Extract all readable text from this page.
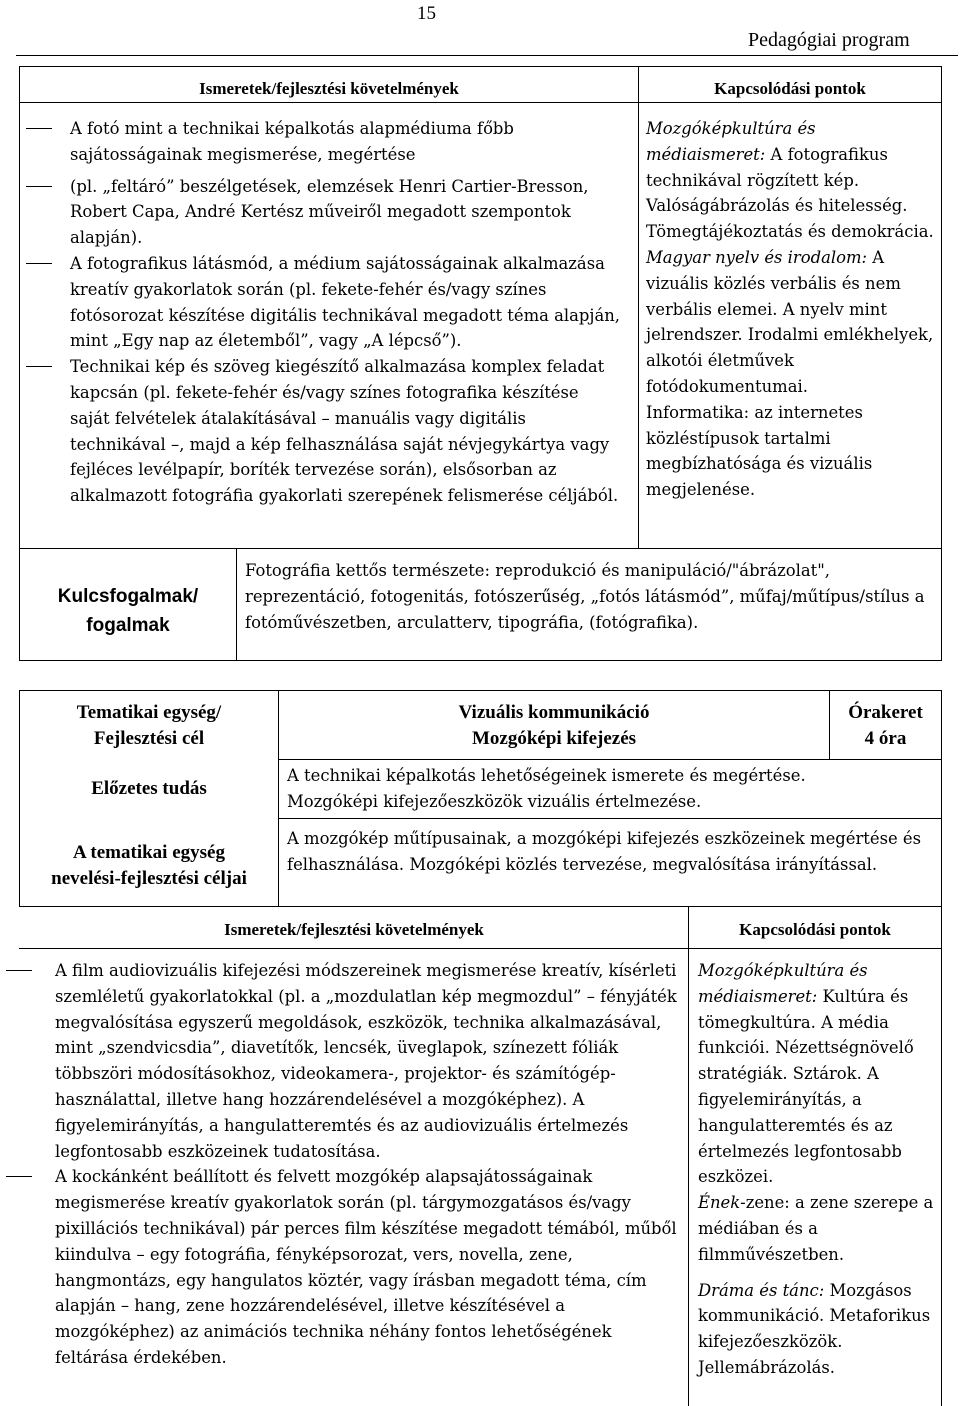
15
Pedagógiai program
Ismeretek/fejlesztési követelmények	Kapcsolódási pontok
A fotó mint a technikai képalkotás alapmédiuma főbb sajátosságainak megismerése, megértése
(pl. „feltáró” beszélgetések, elemzések Henri Cartier-Bresson, Robert Capa, André Kertész műveiről megadott szempontok alapján).
A fotografikus látásmód, a médium sajátosságainak alkalmazása kreatív gyakorlatok során (pl. fekete-fehér és/vagy színes fotósorozat készítése digitális technikával megadott téma alapján, mint „Egy nap az életemből”, vagy „A lépcső”).
Technikai kép és szöveg kiegészítő alkalmazása komplex feladat kapcsán (pl. fekete-fehér és/vagy színes fotografika készítése saját felvételek átalakításával – manuális vagy digitális technikával –, majd a kép felhasználása saját névjegykártya vagy fejléces levélpapír, boríték tervezése során), elsősorban az alkalmazott fotográfia gyakorlati szerepének felismerése céljából.
Mozgóképkultúra és médiaismeret: A fotografikus technikával rögzített kép. Valóságábrázolás és hitelesség. Tömegtájékoztatás és demokrácia.
Magyar nyelv és irodalom: A vizuális közlés verbális és nem verbális elemei. A nyelv mint jelrendszer. Irodalmi emlékhelyek, alkotói életművek fotódokumentumai.
Informatika: az internetes közléstípusok tartalmi megbízhatósága és vizuális megjelenése.
Kulcsfogalmak/
fogalmak
Fotográfia kettős természete: reprodukció és manipuláció/"ábrázolat", reprezentáció, fotogenitás, fotószerűség, „fotós látásmód”, műfaj/műtípus/stílus a fotóművészetben, arculatterv, tipográfia, (fotógrafika).
Tematikai egység/
Fejlesztési cél
Vizuális kommunikáció
Mozgóképi kifejezés
Órakeret
4 óra
Előzetes tudás
A technikai képalkotás lehetőségeinek ismerete és megértése. Mozgóképi kifejezőeszközök vizuális értelmezése.
A tematikai egység
nevelési-fejlesztési céljai
A mozgókép műtípusainak, a mozgóképi kifejezés eszközeinek megértése és felhasználása. Mozgóképi közlés tervezése, megvalósítása irányítással.
Ismeretek/fejlesztési követelmények	Kapcsolódási pontok
A film audiovizuális kifejezési módszereinek megismerése kreatív, kísérleti szemléletű gyakorlatokkal (pl. a „mozdulatlan kép megmozdul” – fényjáték megvalósítása egyszerű megoldások, eszközök, technika alkalmazásával, mint „szendvicsdia”, diavetítők, lencsék, üveglapok, színezett fóliák többszöri módosításokhoz, videokamera-, projektor- és számítógép-használattal, illetve hang hozzárendelésével a mozgóképhez). A figyelemirányítás, a hangulatteremtés és az audiovizuális értelmezés legfontosabb eszközeinek tudatosítása.
A kockánként beállított és felvett mozgókép alapsajátosságainak megismerése kreatív gyakorlatok során (pl. tárgymozgatásos és/vagy pixillációs technikával) pár perces film készítése megadott témából, műből kiindulva – egy fotográfia, fényképsorozat, vers, novella, zene, hangmontázs, egy hangulatos köztér, vagy írásban megadott téma, cím alapján – hang, zene hozzárendelésével, illetve készítésével a mozgóképhez) az animációs technika néhány fontos lehetőségének feltárása érdekében.
Mozgóképkultúra és médiaismeret: Kultúra és tömegkultúra. A média funkciói. Nézettségnövelő stratégiák. Sztárok. A figyelemirányítás, a hangulatteremtés és az értelmezés legfontosabb eszközei.
Ének-zene: a zene szerepe a médiában és a filmművészetben.
Dráma és tánc: Mozgásos kommunikáció. Metaforikus kifejezőeszközök. Jellemábrázolás.
